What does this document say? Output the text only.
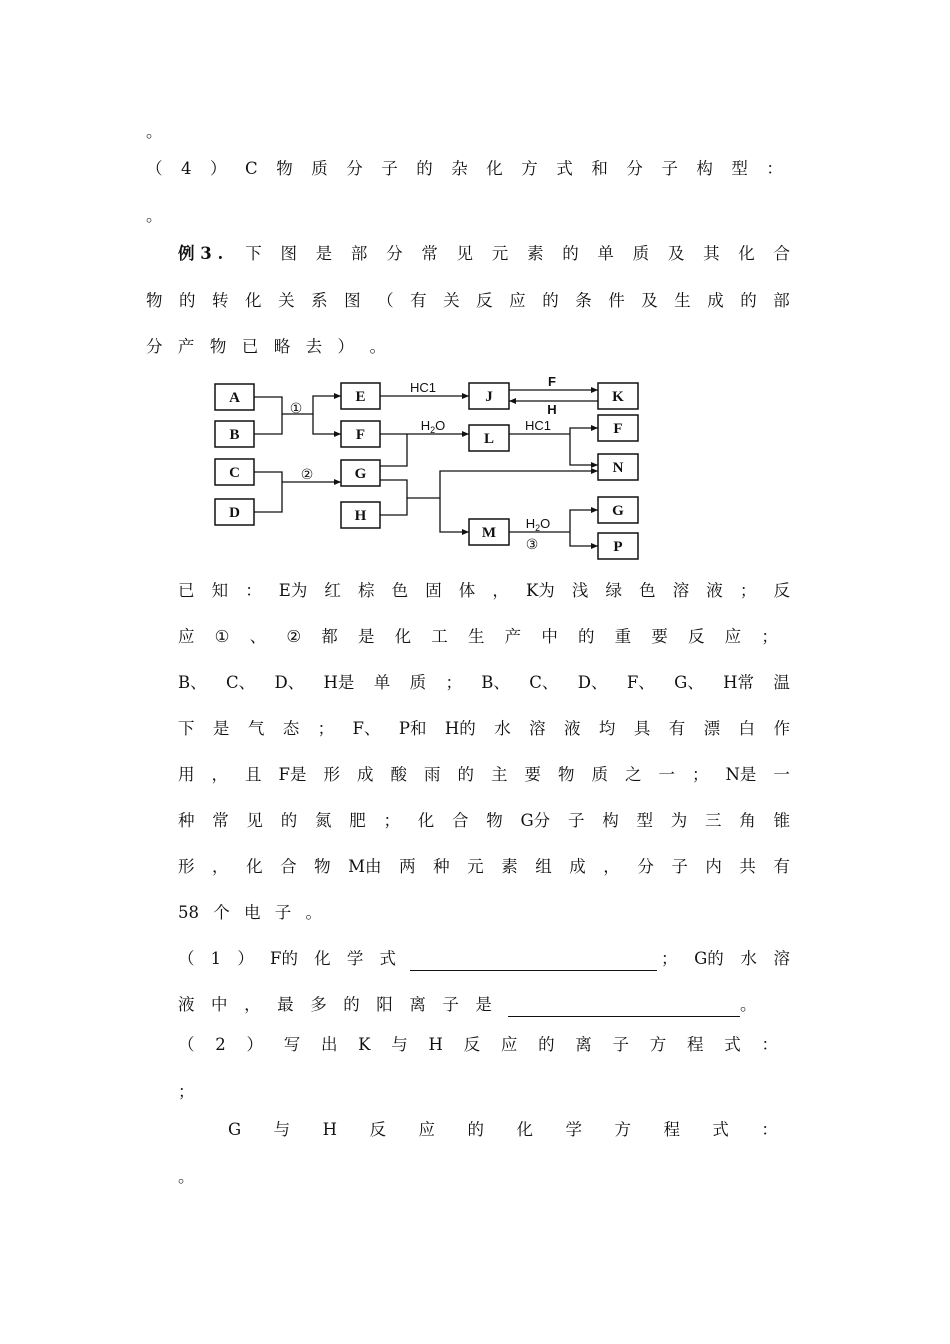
。
（ 4 ） C 物 质 分 子 的 杂 化 方 式 和 分 子 构 型 ：
。
例 3 . 下 图 是 部 分 常 见 元 素 的 单 质 及 其 化 合
物 的 转 化 关 系 图 （ 有 关 反 应 的 条 件 及 生 成 的 部
分 产 物 已 略 去 ） 。
A
B
C
D
E
F
G
H
J	K
L
F
N
M
G
P
①
②
HC1	F
H
$H_2O$	HC1
$H_2O$
③
已 知 ： E为 红 棕 色 固 体 ， K为 浅 绿 色 溶 液 ； 反
应 ① 、 ② 都 是 化 工 生 产 中 的 重 要 反 应 ；
B、 C、 D、 H是 单 质 ； B、 C、 D、 F、 G、 H常 温
下 是 气 态 ； F、 P和 H的 水 溶 液 均 具 有 漂 白 作
用 ， 且 F是 形 成 酸 雨 的 主 要 物 质 之 一 ； N是 一
种 常 见 的 氮 肥 ； 化 合 物 G分 子 构 型 为 三 角 锥
形 ， 化 合 物 M由 两 种 元 素 组 成 ， 分 子 内 共 有
58 个 电 子 。
（ 1 ） F的 化 学 式	； G的 水 溶
液 中 ， 最 多 的 阳 离 子 是	。
（ 2 ） 写 出 K 与 H 反 应 的 离 子 方 程 式 ：
；
G 与 H 反 应 的 化 学 方 程 式 ：
。
